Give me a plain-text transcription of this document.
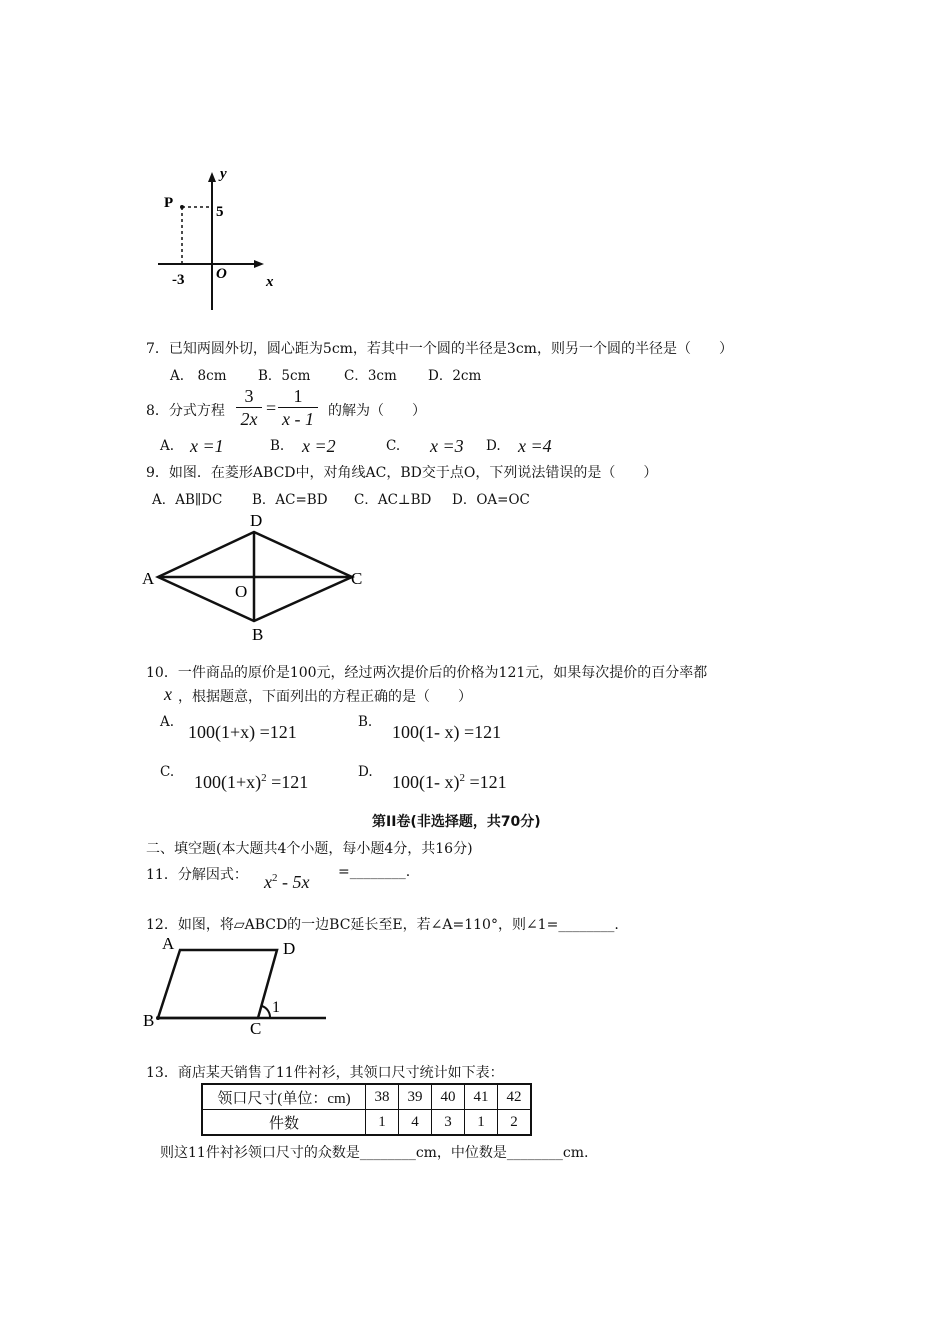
P
y
5
-3 O	x
7．已知两圆外切，圆心距为5cm，若其中一个圆的半径是3cm，则另一个圆的半径是（　　）
A.　8cm B．5cm C．3cm D．2cm
8．分式方程
3
2x
=
1
x - 1 的解为（　　）
A. x =1	B. x =2	C. x =3 D. x =4
9．如图．在菱形ABCD中，对角线AC，BD交于点O，下列说法错误的是（　　）
A．AB∥DC B．AC=BD C．AC⊥BD D．OA=OC
A
D
C
B
O
10．一件商品的原价是100元，经过两次提价后的价格为121元，如果每次提价的百分率都
x ，根据题意，下面列出的方程正确的是（　　）
A. 100(1+x) =121	B. 100(1- x) =121
C. $100(1+x)^2 =121$	D. 100(1- x)$^2$ =121
第II卷(非选择题，共70分)
二、填空题(本大题共4个小题，每小题4分，共16分)
11．分解因式： $x^2 - 5x$ =________.
12．如图，将▱ABCD的一边BC延长至E，若∠A=110°，则∠1=________.
A	D
B	C
1
13．商店某天销售了11件衬衫，其领口尺寸统计如下表：
领口尺寸(单位：cm)	38	39	40	41	42
件数	1	4	3	1	2
则这11件衬衫领口尺寸的众数是________cm，中位数是________cm.
